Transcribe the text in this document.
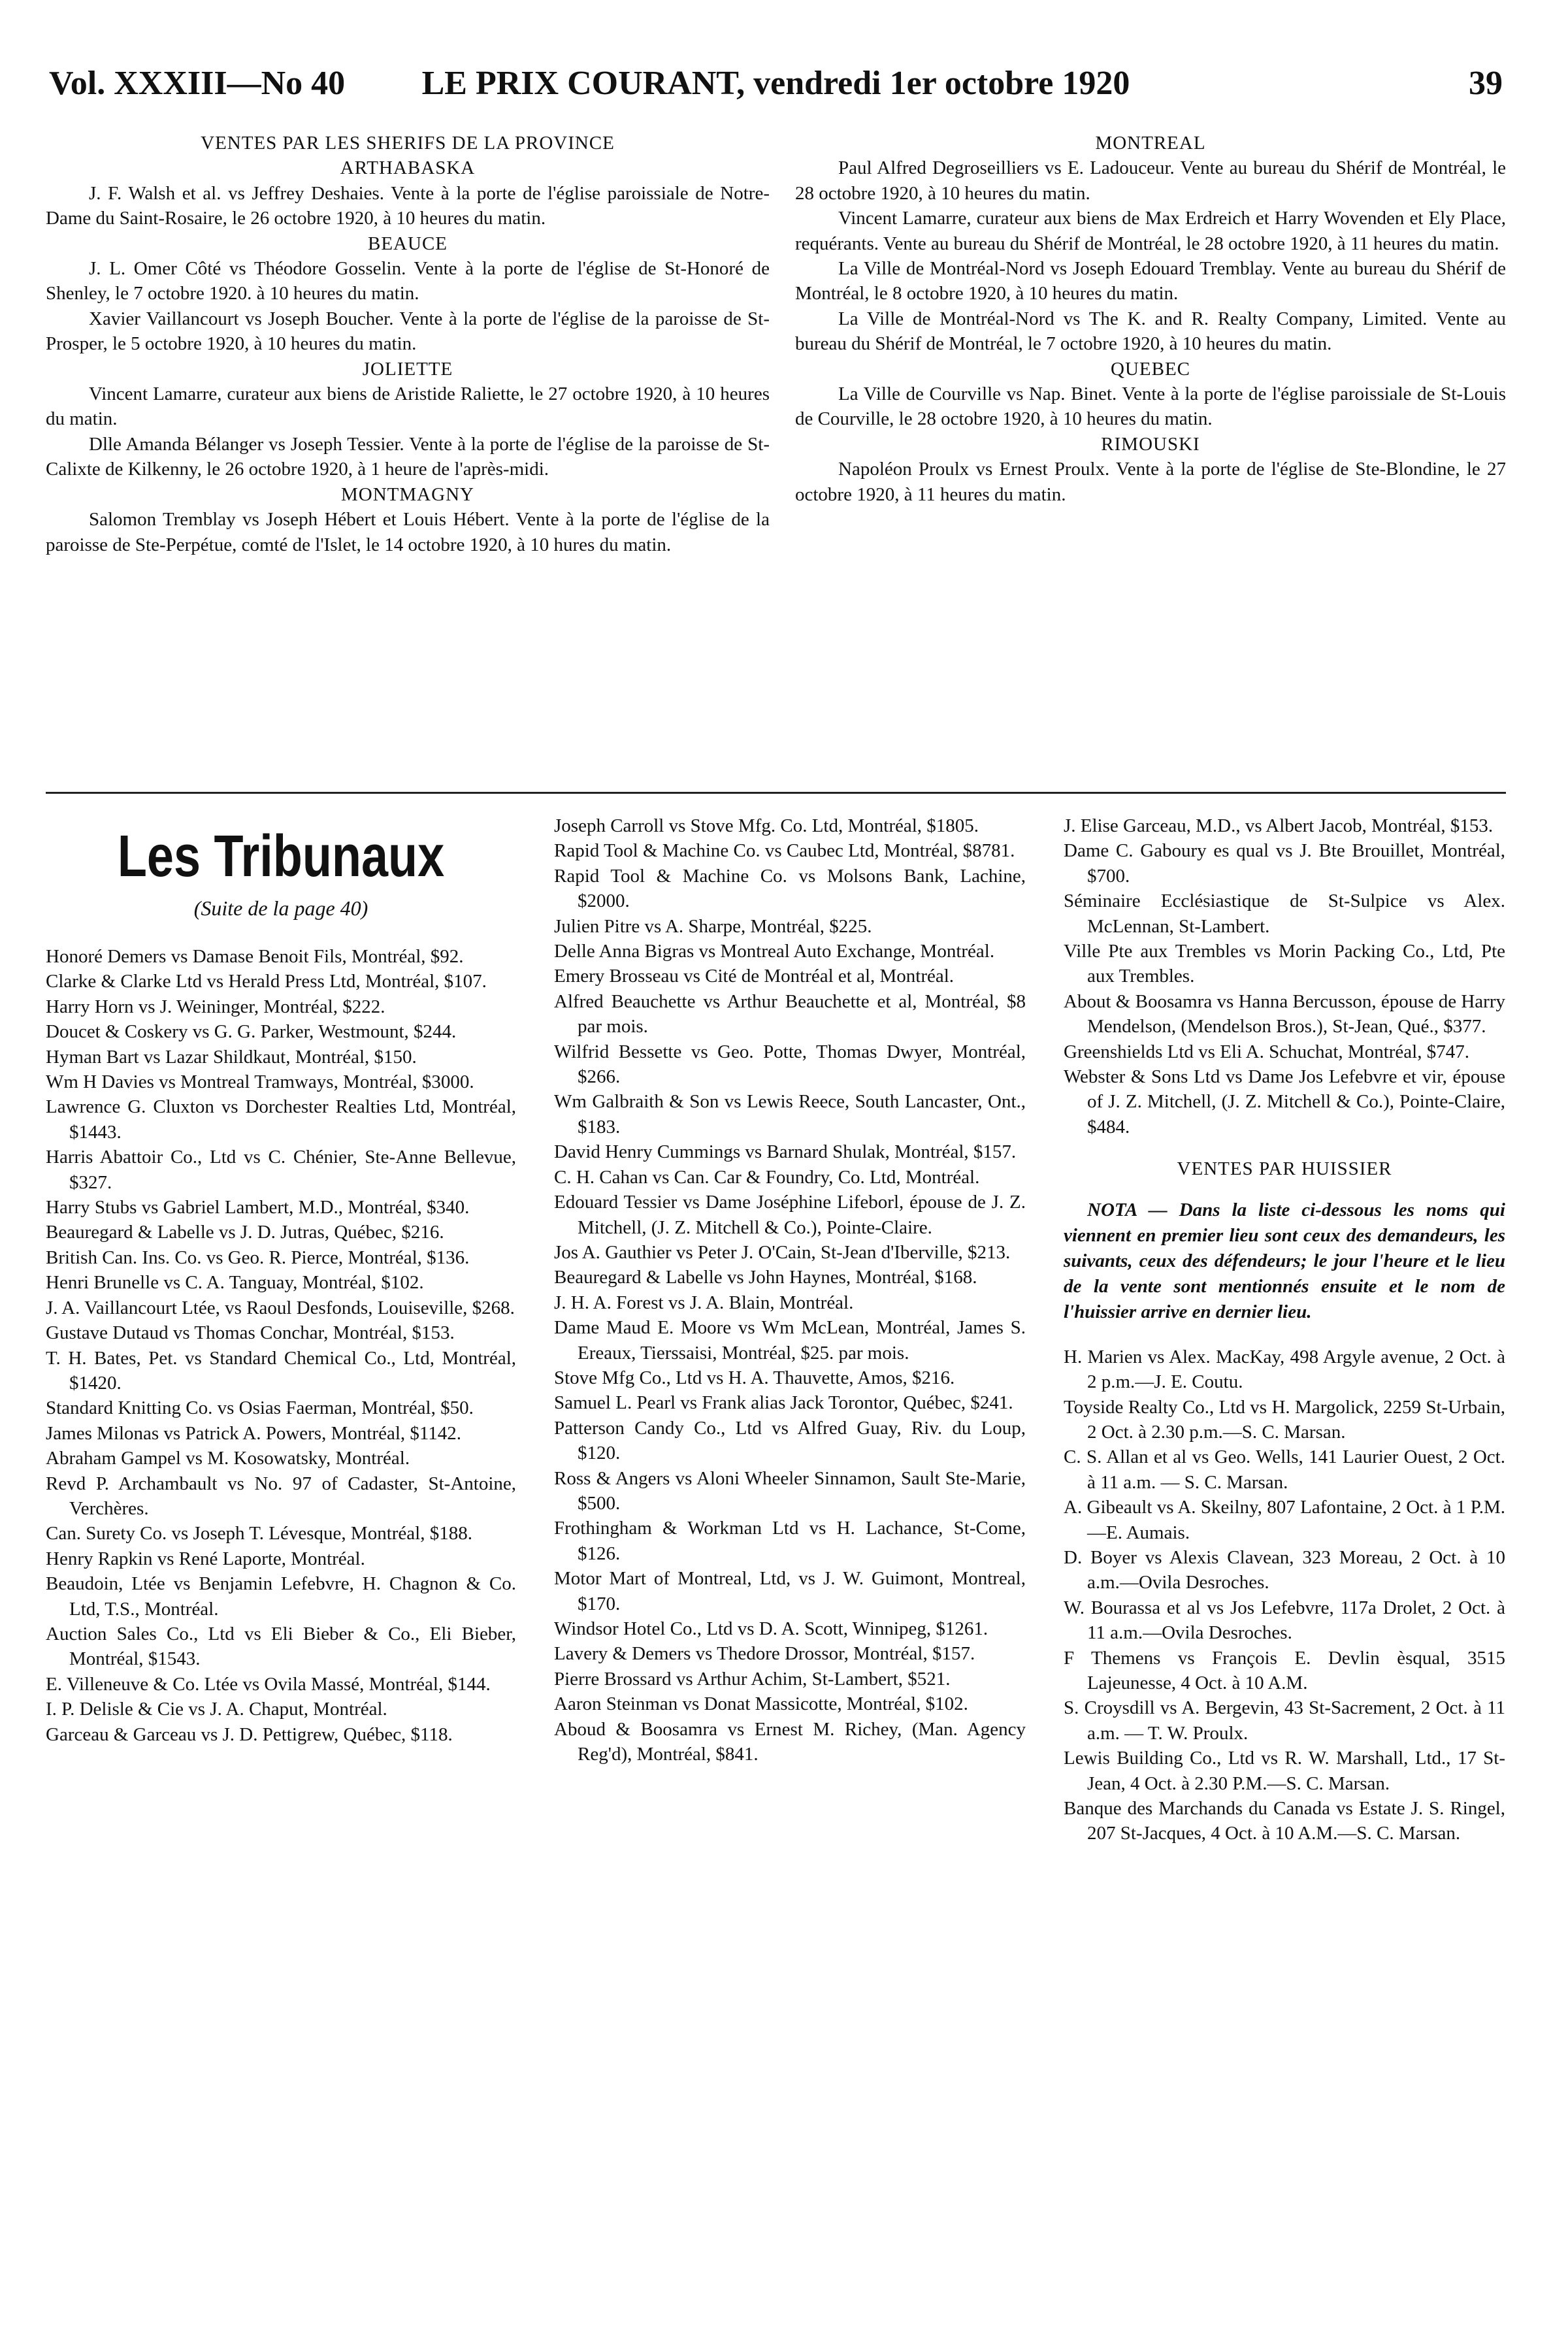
Vol. XXXIII—No 40	LE PRIX COURANT, vendredi 1er octobre 1920	39

VENTES PAR LES SHERIFS DE LA PROVINCE

ARTHABASKA

J. F. Walsh et al. vs Jeffrey Deshaies. Vente à la porte de l'église paroissiale de Notre-Dame du Saint-Rosaire, le 26 octobre 1920, à 10 heures du matin.

BEAUCE

J. L. Omer Côté vs Théodore Gosselin. Vente à la porte de l'église de St-Honoré de Shenley, le 7 octobre 1920. à 10 heures du matin.

Xavier Vaillancourt vs Joseph Boucher. Vente à la porte de l'église de la paroisse de St-Prosper, le 5 octobre 1920, à 10 heures du matin.

JOLIETTE

Vincent Lamarre, curateur aux biens de Aristide Raliette, le 27 octobre 1920, à 10 heures du matin.

Dlle Amanda Bélanger vs Joseph Tessier. Vente à la porte de l'église de la paroisse de St-Calixte de Kilkenny, le 26 octobre 1920, à 1 heure de l'après-midi.

MONTMAGNY

Salomon Tremblay vs Joseph Hébert et Louis Hébert. Vente à la porte de l'église de la paroisse de Ste-Perpétue, comté de l'Islet, le 14 octobre 1920, à 10 hures du matin.

MONTREAL

Paul Alfred Degroseilliers vs E. Ladouceur. Vente au bureau du Shérif de Montréal, le 28 octobre 1920, à 10 heures du matin.

Vincent Lamarre, curateur aux biens de Max Erdreich et Harry Wovenden et Ely Place, requérants. Vente au bureau du Shérif de Montréal, le 28 octobre 1920, à 11 heures du matin.

La Ville de Montréal-Nord vs Joseph Edouard Tremblay. Vente au bureau du Shérif de Montréal, le 8 octobre 1920, à 10 heures du matin.

La Ville de Montréal-Nord vs The K. and R. Realty Company, Limited. Vente au bureau du Shérif de Montréal, le 7 octobre 1920, à 10 heures du matin.

QUEBEC

La Ville de Courville vs Nap. Binet. Vente à la porte de l'église paroissiale de St-Louis de Courville, le 28 octobre 1920, à 10 heures du matin.

RIMOUSKI

Napoléon Proulx vs Ernest Proulx. Vente à la porte de l'église de Ste-Blondine, le 27 octobre 1920, à 11 heures du matin.

Les Tribunaux
(Suite de la page 40)

Honoré Demers vs Damase Benoit Fils, Montréal, $92.

Clarke & Clarke Ltd vs Herald Press Ltd, Montréal, $107.

Harry Horn vs J. Weininger, Montréal, $222.

Doucet & Coskery vs G. G. Parker, Westmount, $244.

Hyman Bart vs Lazar Shildkaut, Montréal, $150.

Wm H Davies vs Montreal Tramways, Montréal, $3000.

Lawrence G. Cluxton vs Dorchester Realties Ltd, Montréal, $1443.

Harris Abattoir Co., Ltd vs C. Chénier, Ste-Anne Bellevue, $327.

Harry Stubs vs Gabriel Lambert, M.D., Montréal, $340.

Beauregard & Labelle vs J. D. Jutras, Québec, $216.

British Can. Ins. Co. vs Geo. R. Pierce, Montréal, $136.

Henri Brunelle vs C. A. Tanguay, Montréal, $102.

J. A. Vaillancourt Ltée, vs Raoul Desfonds, Louiseville, $268.

Gustave Dutaud vs Thomas Conchar, Montréal, $153.

T. H. Bates, Pet. vs Standard Chemical Co., Ltd, Montréal, $1420.

Standard Knitting Co. vs Osias Faerman, Montréal, $50.

James Milonas vs Patrick A. Powers, Montréal, $1142.

Abraham Gampel vs M. Kosowatsky, Montréal.

Revd P. Archambault vs No. 97 of Cadaster, St-Antoine, Verchères.

Can. Surety Co. vs Joseph T. Lévesque, Montréal, $188.

Henry Rapkin vs René Laporte, Montréal.

Beaudoin, Ltée vs Benjamin Lefebvre, H. Chagnon & Co. Ltd, T.S., Montréal.

Auction Sales Co., Ltd vs Eli Bieber & Co., Eli Bieber, Montréal, $1543.

E. Villeneuve & Co. Ltée vs Ovila Massé, Montréal, $144.

I. P. Delisle & Cie vs J. A. Chaput, Montréal.

Garceau & Garceau vs J. D. Pettigrew, Québec, $118.

Joseph Carroll vs Stove Mfg. Co. Ltd, Montréal, $1805.

Rapid Tool & Machine Co. vs Caubec Ltd, Montréal, $8781.

Rapid Tool & Machine Co. vs Molsons Bank, Lachine, $2000.

Julien Pitre vs A. Sharpe, Montréal, $225.

Delle Anna Bigras vs Montreal Auto Exchange, Montréal.

Emery Brosseau vs Cité de Montréal et al, Montréal.

Alfred Beauchette vs Arthur Beauchette et al, Montréal, $8 par mois.

Wilfrid Bessette vs Geo. Potte, Thomas Dwyer, Montréal, $266.

Wm Galbraith & Son vs Lewis Reece, South Lancaster, Ont., $183.

David Henry Cummings vs Barnard Shulak, Montréal, $157.

C. H. Cahan vs Can. Car & Foundry, Co. Ltd, Montréal.

Edouard Tessier vs Dame Joséphine Lifeborl, épouse de J. Z. Mitchell, (J. Z. Mitchell & Co.), Pointe-Claire.

Jos A. Gauthier vs Peter J. O'Cain, St-Jean d'Iberville, $213.

Beauregard & Labelle vs John Haynes, Montréal, $168.

J. H. A. Forest vs J. A. Blain, Montréal.

Dame Maud E. Moore vs Wm McLean, Montréal, James S. Ereaux, Tierssaisi, Montréal, $25. par mois.

Stove Mfg Co., Ltd vs H. A. Thauvette, Amos, $216.

Samuel L. Pearl vs Frank alias Jack Torontor, Québec, $241.

Patterson Candy Co., Ltd vs Alfred Guay, Riv. du Loup, $120.

Ross & Angers vs Aloni Wheeler Sinnamon, Sault Ste-Marie, $500.

Frothingham & Workman Ltd vs H. Lachance, St-Come, $126.

Motor Mart of Montreal, Ltd, vs J. W. Guimont, Montreal, $170.

Windsor Hotel Co., Ltd vs D. A. Scott, Winnipeg, $1261.

Lavery & Demers vs Thedore Drossor, Montréal, $157.

Pierre Brossard vs Arthur Achim, St-Lambert, $521.

Aaron Steinman vs Donat Massicotte, Montréal, $102.

Aboud & Boosamra vs Ernest M. Richey, (Man. Agency Reg'd), Montréal, $841.

J. Elise Garceau, M.D., vs Albert Jacob, Montréal, $153.

Dame C. Gaboury es qual vs J. Bte Brouillet, Montréal, $700.

Séminaire Ecclésiastique de St-Sulpice vs Alex. McLennan, St-Lambert.

Ville Pte aux Trembles vs Morin Packing Co., Ltd, Pte aux Trembles.

About & Boosamra vs Hanna Bercusson, épouse de Harry Mendelson, (Mendelson Bros.), St-Jean, Qué., $377.

Greenshields Ltd vs Eli A. Schuchat, Montréal, $747.

Webster & Sons Ltd vs Dame Jos Lefebvre et vir, épouse of J. Z. Mitchell, (J. Z. Mitchell & Co.), Pointe-Claire, $484.

VENTES PAR HUISSIER

NOTA — Dans la liste ci-dessous les noms qui viennent en premier lieu sont ceux des demandeurs, les suivants, ceux des défendeurs; le jour l'heure et le lieu de la vente sont mentionnés ensuite et le nom de l'huissier arrive en dernier lieu.

H. Marien vs Alex. MacKay, 498 Argyle avenue, 2 Oct. à 2 p.m.—J. E. Coutu.

Toyside Realty Co., Ltd vs H. Margolick, 2259 St-Urbain, 2 Oct. à 2.30 p.m.—S. C. Marsan.

C. S. Allan et al vs Geo. Wells, 141 Laurier Ouest, 2 Oct. à 11 a.m. — S. C. Marsan.

A. Gibeault vs A. Skeilny, 807 Lafontaine, 2 Oct. à 1 P.M.—E. Aumais.

D. Boyer vs Alexis Clavean, 323 Moreau, 2 Oct. à 10 a.m.—Ovila Desroches.

W. Bourassa et al vs Jos Lefebvre, 117a Drolet, 2 Oct. à 11 a.m.—Ovila Desroches.

F Themens vs François E. Devlin èsqual, 3515 Lajeunesse, 4 Oct. à 10 A.M.

S. Croysdill vs A. Bergevin, 43 St-Sacrement, 2 Oct. à 11 a.m. — T. W. Proulx.

Lewis Building Co., Ltd vs R. W. Marshall, Ltd., 17 St-Jean, 4 Oct. à 2.30 P.M.—S. C. Marsan.

Banque des Marchands du Canada vs Estate J. S. Ringel, 207 St-Jacques, 4 Oct. à 10 A.M.—S. C. Marsan.
